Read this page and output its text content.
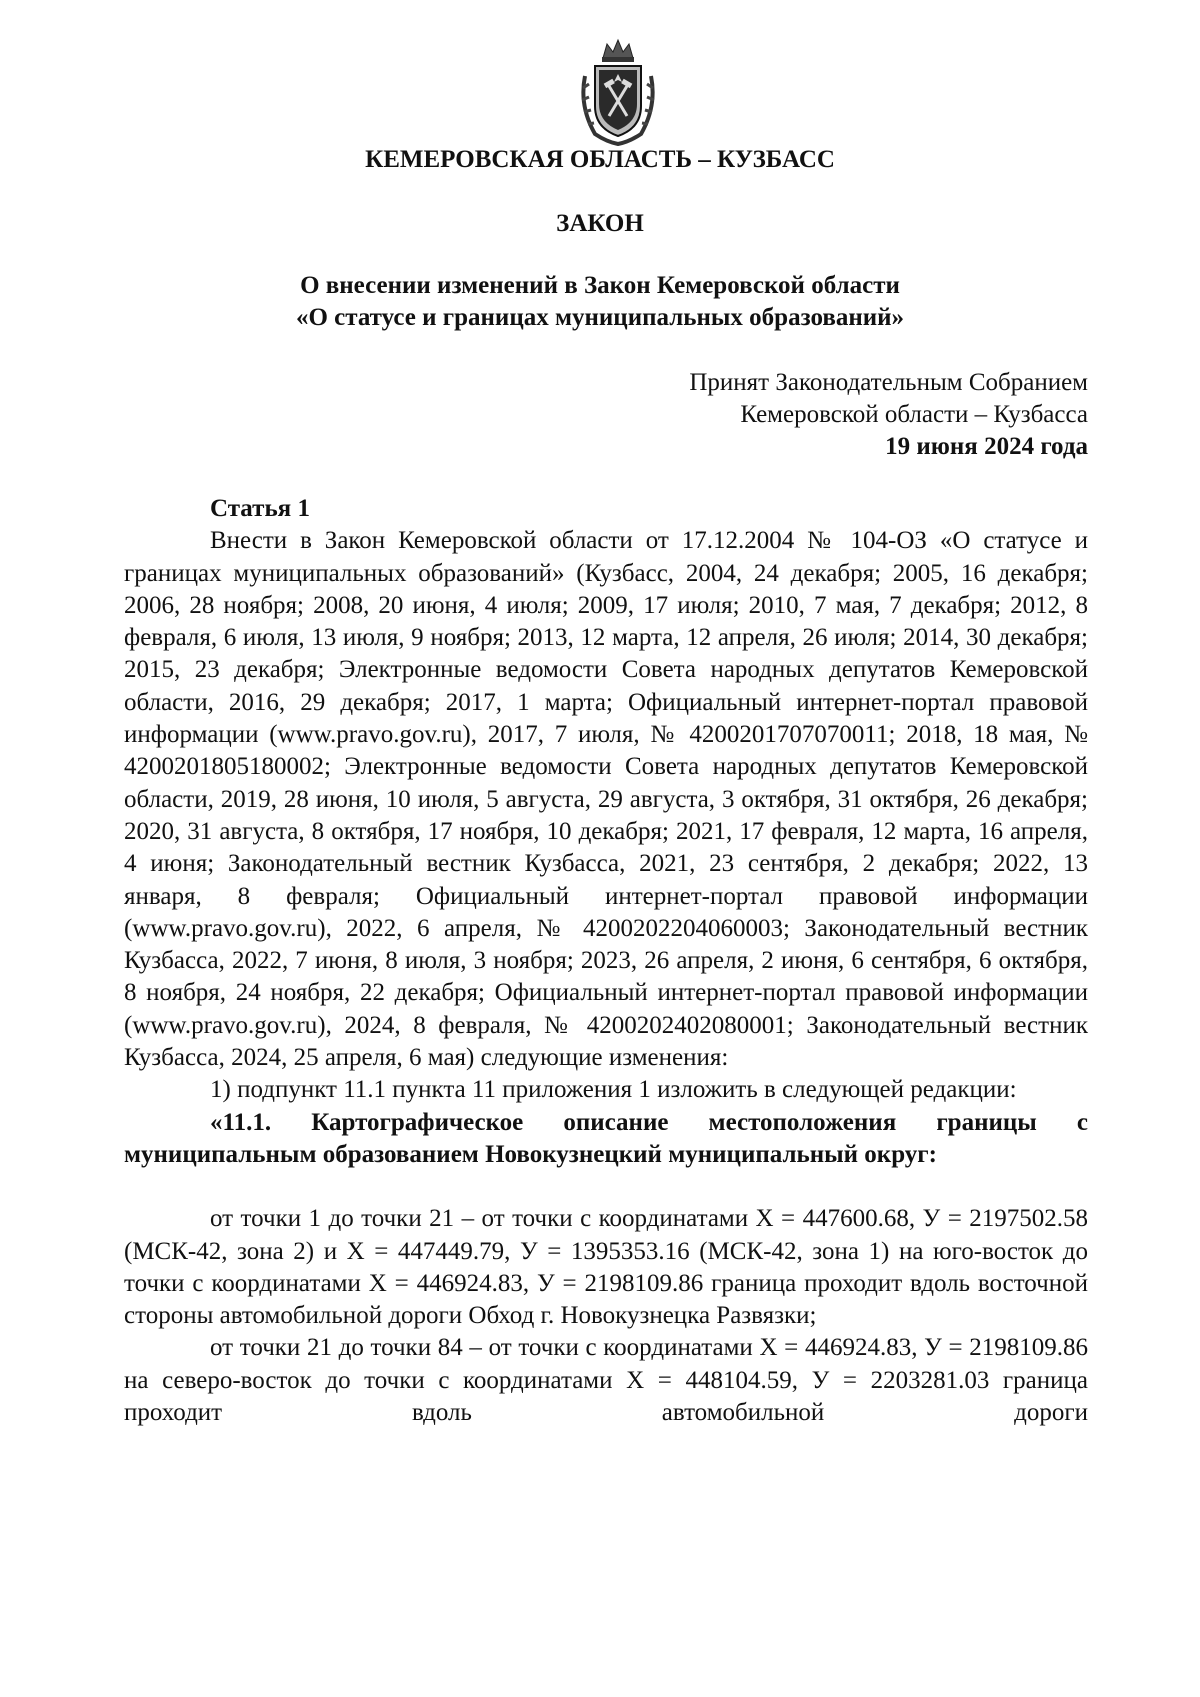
КЕМЕРОВСКАЯ ОБЛАСТЬ – КУЗБАСС
ЗАКОН
О внесении изменений в Закон Кемеровской области
«О статусе и границах муниципальных образований»
Принят Законодательным Собранием
Кемеровской области – Кузбасса
19 июня 2024 года

Статья 1

Внести в Закон Кемеровской области от 17.12.2004 № 104-ОЗ «О статусе и границах муниципальных образований» (Кузбасс, 2004, 24 декабря; 2005, 16 декабря; 2006, 28 ноября; 2008, 20 июня, 4 июля; 2009, 17 июля; 2010, 7 мая, 7 декабря; 2012, 8 февраля, 6 июля, 13 июля, 9 ноября; 2013, 12 марта, 12 апреля, 26 июля; 2014, 30 декабря; 2015, 23 декабря; Электронные ведомости Совета народных депутатов Кемеровской области, 2016, 29 декабря; 2017, 1 марта; Официальный интернет-портал правовой информации (www.pravo.gov.ru), 2017, 7 июля, № 4200201707070011; 2018, 18 мая, № 4200201805180002; Электронные ведомости Совета народных депутатов Кемеровской области, 2019, 28 июня, 10 июля, 5 августа, 29 августа, 3 октября, 31 октября, 26 декабря; 2020, 31 августа, 8 октября, 17 ноября, 10 декабря; 2021, 17 февраля, 12 марта, 16 апреля, 4 июня; Законодательный вестник Кузбасса, 2021, 23 сентября, 2 декабря; 2022, 13 января, 8 февраля; Официальный интернет-портал правовой информации (www.pravo.gov.ru), 2022, 6 апреля, № 4200202204060003; Законодательный вестник Кузбасса, 2022, 7 июня, 8 июля, 3 ноября; 2023, 26 апреля, 2 июня, 6 сентября, 6 октября, 8 ноября, 24 ноября, 22 декабря; Официальный интернет-портал правовой информации (www.pravo.gov.ru), 2024, 8 февраля, № 4200202402080001; Законодательный вестник Кузбасса, 2024, 25 апреля, 6 мая) следующие изменения:

1) подпункт 11.1 пункта 11 приложения 1 изложить в следующей редакции:

«11.1. Картографическое описание местоположения границы с муниципальным образованием Новокузнецкий муниципальный округ:

от точки 1 до точки 21 – от точки с координатами Х = 447600.68, У = 2197502.58 (МСК-42, зона 2) и Х = 447449.79, У = 1395353.16 (МСК-42, зона 1) на юго-восток до точки с координатами Х = 446924.83, У = 2198109.86 граница проходит вдоль восточной стороны автомобильной дороги Обход г. Новокузнецка Развязки;

от точки 21 до точки 84 – от точки с координатами Х = 446924.83, У = 2198109.86 на северо-восток до точки с координатами Х = 448104.59, У = 2203281.03 граница проходит вдоль автомобильной дороги
